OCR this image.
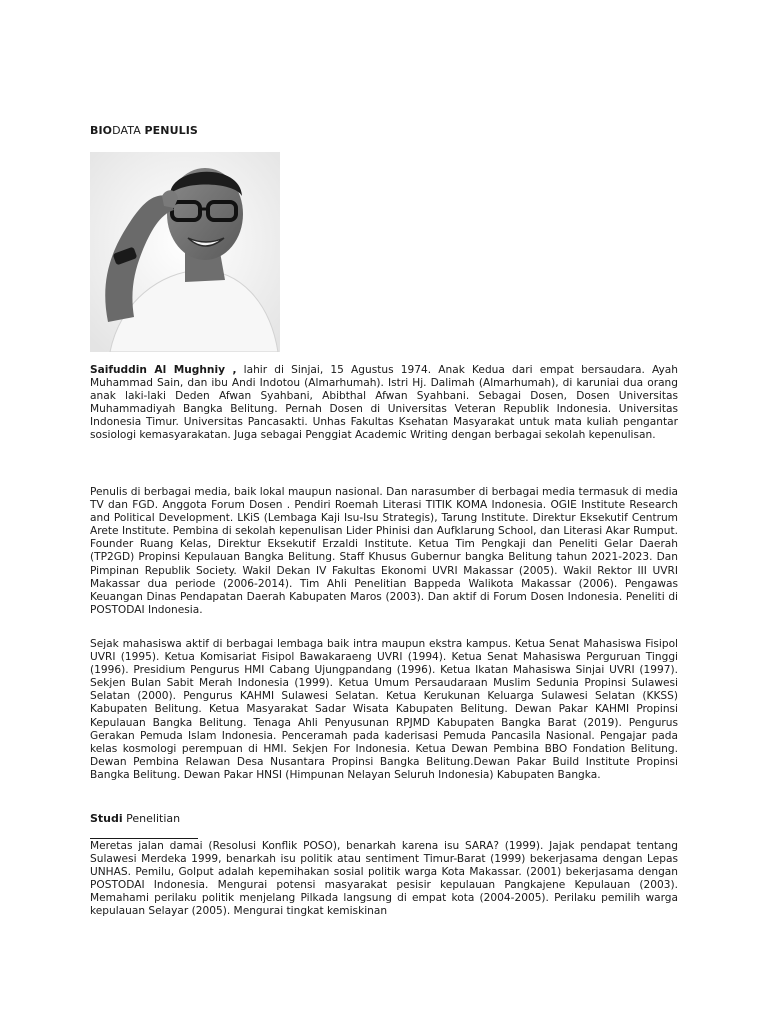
BIODATA PENULIS

Saifuddin Al Mughniy , lahir di Sinjai, 15 Agustus 1974. Anak Kedua dari empat bersaudara. Ayah Muhammad Sain, dan ibu Andi Indotou (Almarhumah). Istri Hj. Dalimah (Almarhumah), di karuniai dua orang anak laki-laki Deden Afwan Syahbani, Abibthal Afwan Syahbani. Sebagai Dosen, Dosen Universitas Muhammadiyah Bangka Belitung. Pernah Dosen di Universitas Veteran Republik Indonesia. Universitas Indonesia Timur. Universitas Pancasakti. Unhas Fakultas Ksehatan Masyarakat untuk mata kuliah pengantar sosiologi kemasyarakatan. Juga sebagai Penggiat Academic Writing dengan berbagai sekolah kepenulisan.

Penulis di berbagai media, baik lokal maupun nasional. Dan narasumber di berbagai media termasuk di media TV dan FGD. Anggota Forum Dosen . Pendiri Roemah Literasi TITIK KOMA Indonesia. OGIE Institute Research and Political Development. LKiS (Lembaga Kaji Isu-Isu Strategis), Tarung Institute. Direktur Eksekutif Centrum Arete Institute. Pembina di sekolah kepenulisan Lider Phinisi dan Aufklarung School, dan Literasi Akar Rumput. Founder Ruang Kelas, Direktur Eksekutif Erzaldi Institute. Ketua Tim Pengkaji dan Peneliti Gelar Daerah (TP2GD) Propinsi Kepulauan Bangka Belitung. Staff Khusus Gubernur bangka Belitung tahun 2021-2023. Dan Pimpinan Republik Society. Wakil Dekan IV Fakultas Ekonomi UVRI Makassar (2005). Wakil Rektor III UVRI Makassar dua periode (2006-2014). Tim Ahli Penelitian Bappeda Walikota Makassar (2006). Pengawas Keuangan Dinas Pendapatan Daerah Kabupaten Maros (2003). Dan aktif di Forum Dosen Indonesia. Peneliti di POSTODAI Indonesia.

Sejak mahasiswa aktif di berbagai lembaga baik intra maupun ekstra kampus. Ketua Senat Mahasiswa Fisipol UVRI (1995). Ketua Komisariat Fisipol Bawakaraeng UVRI (1994). Ketua Senat Mahasiswa Perguruan Tinggi (1996). Presidium Pengurus HMI Cabang Ujungpandang (1996). Ketua Ikatan Mahasiswa Sinjai UVRI (1997). Sekjen Bulan Sabit Merah Indonesia (1999). Ketua Umum Persaudaraan Muslim Sedunia Propinsi Sulawesi Selatan (2000). Pengurus KAHMI Sulawesi Selatan. Ketua Kerukunan Keluarga Sulawesi Selatan (KKSS) Kabupaten Belitung. Ketua Masyarakat Sadar Wisata Kabupaten Belitung. Dewan Pakar KAHMI Propinsi Kepulauan Bangka Belitung. Tenaga Ahli Penyusunan RPJMD Kabupaten Bangka Barat (2019). Pengurus Gerakan Pemuda Islam Indonesia. Penceramah pada kaderisasi Pemuda Pancasila Nasional. Pengajar pada kelas kosmologi perempuan di HMI. Sekjen For Indonesia. Ketua Dewan Pembina BBO Fondation Belitung. Dewan Pembina Relawan Desa Nusantara Propinsi Bangka Belitung.Dewan Pakar Build Institute Propinsi Bangka Belitung. Dewan Pakar HNSI (Himpunan Nelayan Seluruh Indonesia) Kabupaten Bangka.

Studi Penelitian

Meretas jalan damai (Resolusi Konflik POSO), benarkah karena isu SARA? (1999). Jajak pendapat tentang Sulawesi Merdeka 1999, benarkah isu politik atau sentiment Timur-Barat (1999) bekerjasama dengan Lepas UNHAS. Pemilu, Golput adalah kepemihakan sosial politik warga Kota Makassar. (2001) bekerjasama dengan POSTODAI Indonesia. Mengurai potensi masyarakat pesisir kepulauan Pangkajene Kepulauan (2003). Memahami perilaku politik menjelang Pilkada langsung di empat kota (2004-2005). Perilaku pemilih warga kepulauan Selayar (2005). Mengurai tingkat kemiskinan
